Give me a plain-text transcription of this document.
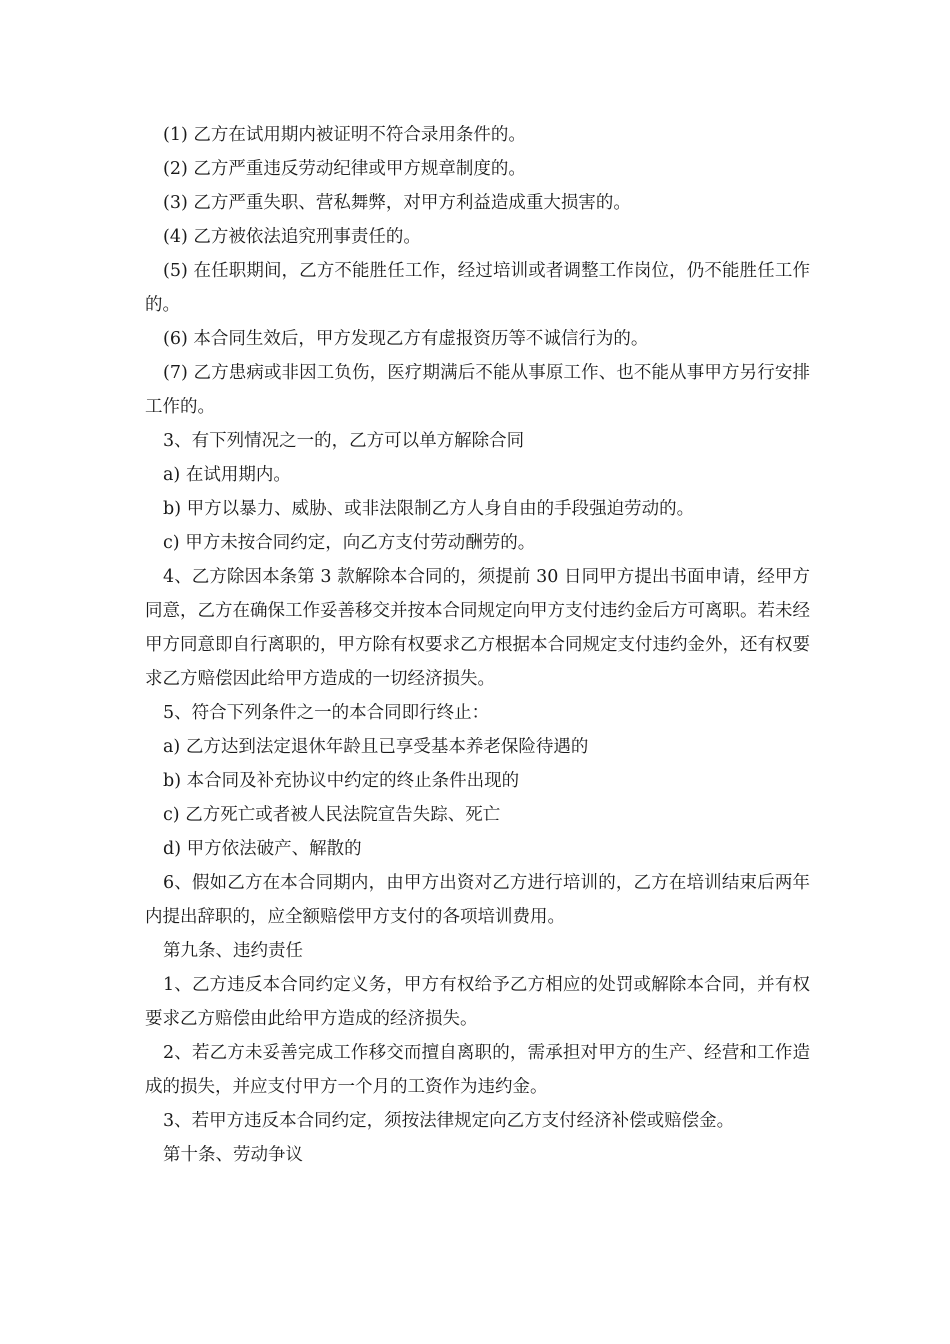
(1) 乙方在试用期内被证明不符合录用条件的。

(2) 乙方严重违反劳动纪律或甲方规章制度的。

(3) 乙方严重失职、营私舞弊，对甲方利益造成重大损害的。

(4) 乙方被依法追究刑事责任的。

(5) 在任职期间，乙方不能胜任工作，经过培训或者调整工作岗位，仍不能胜任工作的。

(6) 本合同生效后，甲方发现乙方有虚报资历等不诚信行为的。

(7) 乙方患病或非因工负伤，医疗期满后不能从事原工作、也不能从事甲方另行安排工作的。

3、有下列情况之一的，乙方可以单方解除合同

a) 在试用期内。

b) 甲方以暴力、威胁、或非法限制乙方人身自由的手段强迫劳动的。

c) 甲方未按合同约定，向乙方支付劳动酬劳的。

4、乙方除因本条第 3 款解除本合同的，须提前 30 日同甲方提出书面申请，经甲方同意，乙方在确保工作妥善移交并按本合同规定向甲方支付违约金后方可离职。若未经甲方同意即自行离职的，甲方除有权要求乙方根据本合同规定支付违约金外，还有权要求乙方赔偿因此给甲方造成的一切经济损失。

5、符合下列条件之一的本合同即行终止：

a) 乙方达到法定退休年龄且已享受基本养老保险待遇的

b) 本合同及补充协议中约定的终止条件出现的

c) 乙方死亡或者被人民法院宣告失踪、死亡

d) 甲方依法破产、解散的

6、假如乙方在本合同期内，由甲方出资对乙方进行培训的，乙方在培训结束后两年内提出辞职的，应全额赔偿甲方支付的各项培训费用。

第九条、违约责任

1、乙方违反本合同约定义务，甲方有权给予乙方相应的处罚或解除本合同，并有权要求乙方赔偿由此给甲方造成的经济损失。

2、若乙方未妥善完成工作移交而擅自离职的，需承担对甲方的生产、经营和工作造成的损失，并应支付甲方一个月的工资作为违约金。

3、若甲方违反本合同约定，须按法律规定向乙方支付经济补偿或赔偿金。

第十条、劳动争议
